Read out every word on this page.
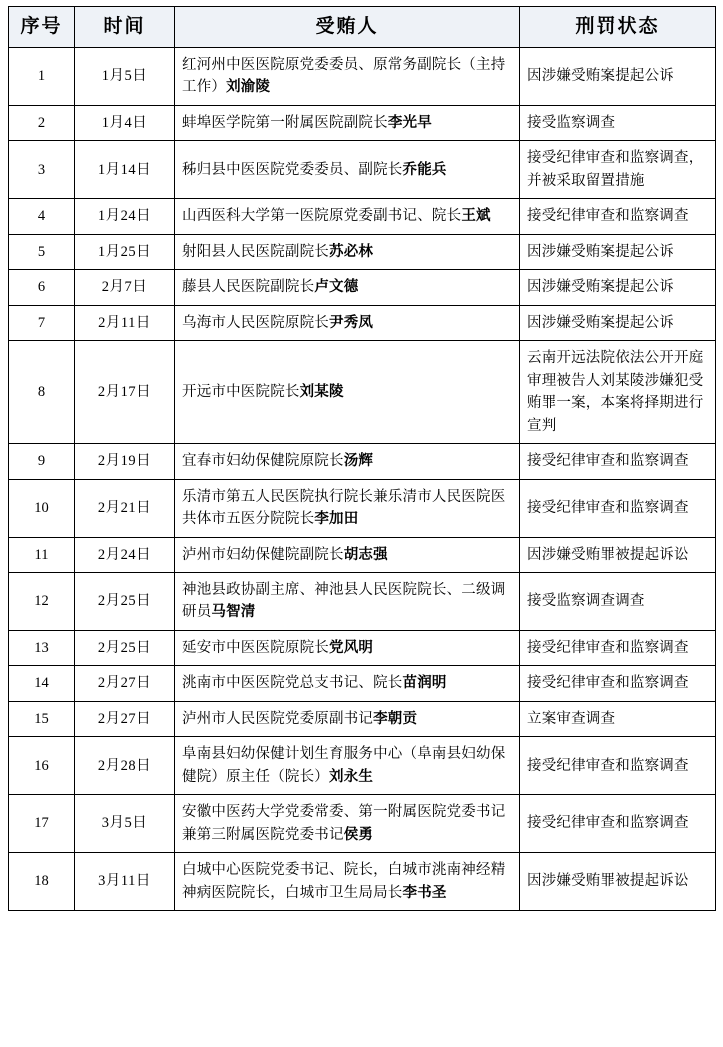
序号	时间	受贿人	刑罚状态
1	1月5日	红河州中医医院原党委委员、原常务副院长（主持工作）刘渝陵	因涉嫌受贿案提起公诉
2	1月4日	蚌埠医学院第一附属医院副院长李光早	接受监察调查
3	1月14日	秭归县中医医院党委委员、副院长乔能兵	接受纪律审查和监察调查，并被采取留置措施
4	1月24日	山西医科大学第一医院原党委副书记、院长王斌	接受纪律审查和监察调查
5	1月25日	射阳县人民医院副院长苏必林	因涉嫌受贿案提起公诉
6	2月7日	藤县人民医院副院长卢文德	因涉嫌受贿案提起公诉
7	2月11日	乌海市人民医院原院长尹秀凤	因涉嫌受贿案提起公诉
8	2月17日	开远市中医院院长刘某陵	云南开远法院依法公开开庭审理被告人刘某陵涉嫌犯受贿罪一案，本案将择期进行宣判
9	2月19日	宜春市妇幼保健院原院长汤辉	接受纪律审查和监察调查
10	2月21日	乐清市第五人民医院执行院长兼乐清市人民医院医共体市五医分院院长李加田	接受纪律审查和监察调查
11	2月24日	泸州市妇幼保健院副院长胡志强	因涉嫌受贿罪被提起诉讼
12	2月25日	神池县政协副主席、神池县人民医院院长、二级调研员马智清	接受监察调查调查
13	2月25日	延安市中医医院原院长党风明	接受纪律审查和监察调查
14	2月27日	洮南市中医医院党总支书记、院长苗润明	接受纪律审查和监察调查
15	2月27日	泸州市人民医院党委原副书记李朝贡	立案审查调查
16	2月28日	阜南县妇幼保健计划生育服务中心（阜南县妇幼保健院）原主任（院长）刘永生	接受纪律审查和监察调查
17	3月5日	安徽中医药大学党委常委、第一附属医院党委书记兼第三附属医院党委书记侯勇	接受纪律审查和监察调查
18	3月11日	白城中心医院党委书记、院长，白城市洮南神经精神病医院院长，白城市卫生局局长李书圣	因涉嫌受贿罪被提起诉讼
